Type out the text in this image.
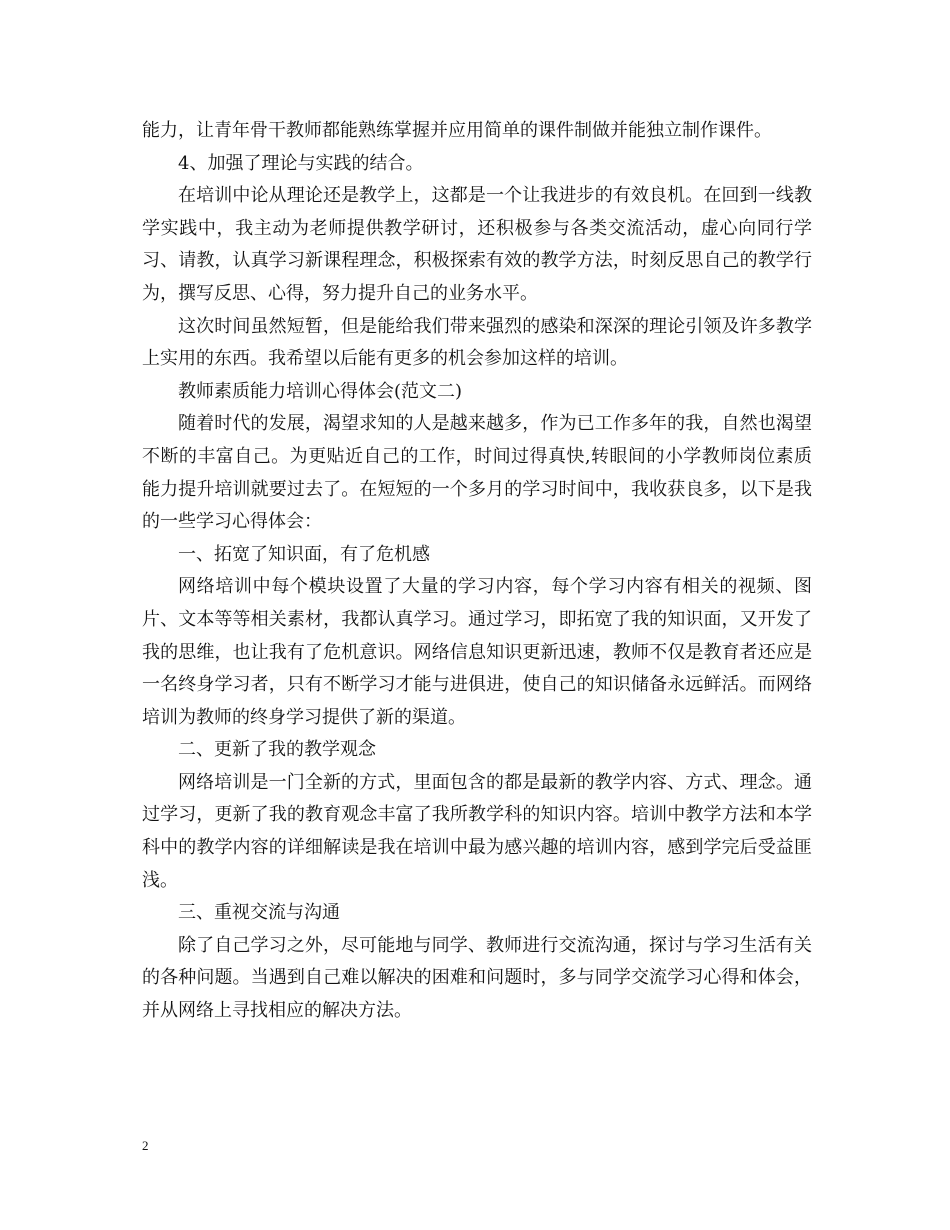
能力，让青年骨干教师都能熟练掌握并应用简单的课件制做并能独立制作课件。

4、加强了理论与实践的结合。

在培训中论从理论还是教学上，这都是一个让我进步的有效良机。在回到一线教学实践中，我主动为老师提供教学研讨，还积极参与各类交流活动，虚心向同行学习、请教，认真学习新课程理念，积极探索有效的教学方法，时刻反思自己的教学行为，撰写反思、心得，努力提升自己的业务水平。

这次时间虽然短暂，但是能给我们带来强烈的感染和深深的理论引领及许多教学上实用的东西。我希望以后能有更多的机会参加这样的培训。

教师素质能力培训心得体会(范文二)

随着时代的发展，渴望求知的人是越来越多，作为已工作多年的我，自然也渴望不断的丰富自己。为更贴近自己的工作，时间过得真快,转眼间的小学教师岗位素质能力提升培训就要过去了。在短短的一个多月的学习时间中，我收获良多，以下是我的一些学习心得体会：

一、拓宽了知识面，有了危机感

网络培训中每个模块设置了大量的学习内容，每个学习内容有相关的视频、图片、文本等等相关素材，我都认真学习。通过学习，即拓宽了我的知识面，又开发了我的思维，也让我有了危机意识。网络信息知识更新迅速，教师不仅是教育者还应是一名终身学习者，只有不断学习才能与进俱进，使自己的知识储备永远鲜活。而网络培训为教师的终身学习提供了新的渠道。

二、更新了我的教学观念

网络培训是一门全新的方式，里面包含的都是最新的教学内容、方式、理念。通过学习，更新了我的教育观念丰富了我所教学科的知识内容。培训中教学方法和本学科中的教学内容的详细解读是我在培训中最为感兴趣的培训内容，感到学完后受益匪浅。

三、重视交流与沟通

除了自己学习之外，尽可能地与同学、教师进行交流沟通，探讨与学习生活有关的各种问题。当遇到自己难以解决的困难和问题时，多与同学交流学习心得和体会，并从网络上寻找相应的解决方法。

2
